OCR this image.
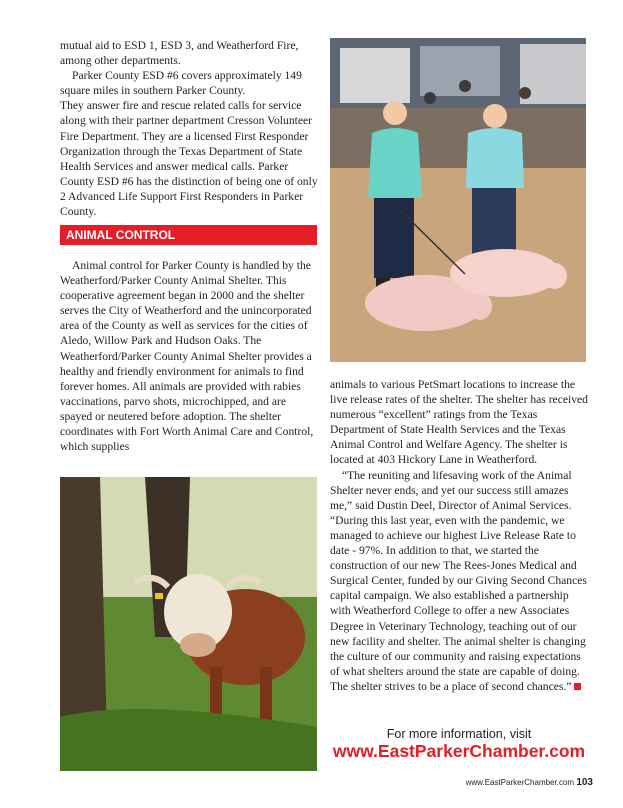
mutual aid to ESD 1, ESD 3, and Weatherford Fire, among other departments.

Parker County ESD #6 covers approximately 149 square miles in southern Parker County.

They answer fire and rescue related calls for service along with their partner department Cresson Volunteer Fire Department. They are a licensed First Responder Organization through the Texas Department of State Health Services and answer medical calls. Parker County ESD #6 has the distinction of being one of only 2 Advanced Life Support First Responders in Parker County.

ANIMAL CONTROL

Animal control for Parker County is handled by the Weatherford/Parker County Animal Shelter. This cooperative agreement began in 2000 and the shelter serves the City of Weatherford and the unincorporated area of the County as well as services for the cities of Aledo, Willow Park and Hudson Oaks. The Weatherford/Parker County Animal Shelter provides a healthy and friendly environment for animals to find forever homes. All animals are provided with rabies vaccinations, parvo shots, microchipped, and are spayed or neutered before adoption. The shelter coordinates with Fort Worth Animal Care and Control, which supplies

animals to various PetSmart locations to increase the live release rates of the shelter. The shelter has received numerous “excellent” ratings from the Texas Department of State Health Services and the Texas Animal Control and Welfare Agency. The shelter is located at 403 Hickory Lane in Weatherford.

“The reuniting and lifesaving work of the Animal Shelter never ends, and yet our success still amazes me,” said Dustin Deel, Director of Animal Services. “During this last year, even with the pandemic, we managed to achieve our highest Live Release Rate to date - 97%. In addition to that, we started the construction of our new The Rees-Jones Medical and Surgical Center, funded by our Giving Second Chances capital campaign. We also established a partnership with Weatherford College to offer a new Associates Degree in Veterinary Technology, teaching out of our new facility and shelter. The animal shelter is changing the culture of our community and raising expectations of what shelters around the state are capable of doing. The shelter strives to be a place of second chances.”

For more information, visit
www.EastParkerChamber.com
www.EastParkerChamber.com 103
